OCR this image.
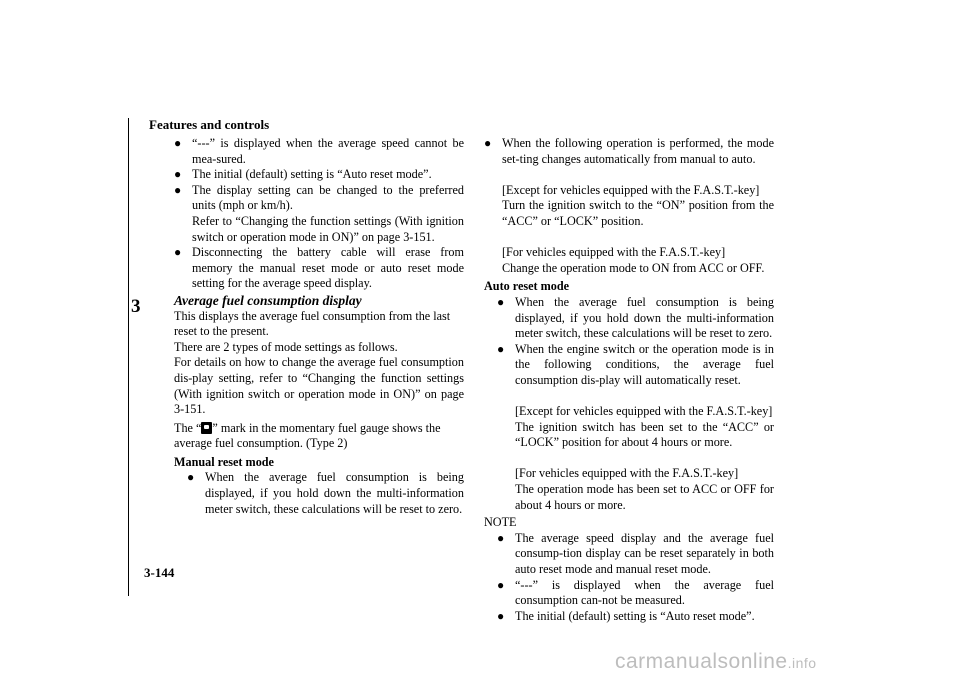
Features and controls
3
3-144
● “---” is displayed when the average speed cannot be mea-sured.
● The initial (default) setting is “Auto reset mode”.
● The display setting can be changed to the preferred units (mph or km/h).
Refer to “Changing the function settings (With ignition switch or operation mode in ON)” on page 3-151.
● Disconnecting the battery cable will erase from memory the manual reset mode or auto reset mode setting for the average speed display.
Average fuel consumption display
This displays the average fuel consumption from the last reset to the present.
There are 2 types of mode settings as follows.
For details on how to change the average fuel consumption dis-play setting, refer to “Changing the function settings (With ignition switch or operation mode in ON)” on page 3-151.
The “ ” mark in the momentary fuel gauge shows the average fuel consumption. (Type 2)
Manual reset mode
● When the average fuel consumption is being displayed, if you hold down the multi-information meter switch, these calculations will be reset to zero.
● When the following operation is performed, the mode set-ting changes automatically from manual to auto.
[Except for vehicles equipped with the F.A.S.T.-key]
Turn the ignition switch to the “ON” position from the “ACC” or “LOCK” position.
[For vehicles equipped with the F.A.S.T.-key]
Change the operation mode to ON from ACC or OFF.
Auto reset mode
● When the average fuel consumption is being displayed, if you hold down the multi-information meter switch, these calculations will be reset to zero.
● When the engine switch or the operation mode is in the following conditions, the average fuel consumption dis-play will automatically reset.
[Except for vehicles equipped with the F.A.S.T.-key]
The ignition switch has been set to the “ACC” or “LOCK” position for about 4 hours or more.
[For vehicles equipped with the F.A.S.T.-key]
The operation mode has been set to ACC or OFF for about 4 hours or more.
NOTE
● The average speed display and the average fuel consump-tion display can be reset separately in both auto reset mode and manual reset mode.
● “---” is displayed when the average fuel consumption can-not be measured.
● The initial (default) setting is “Auto reset mode”.
carmanualsonline.info
